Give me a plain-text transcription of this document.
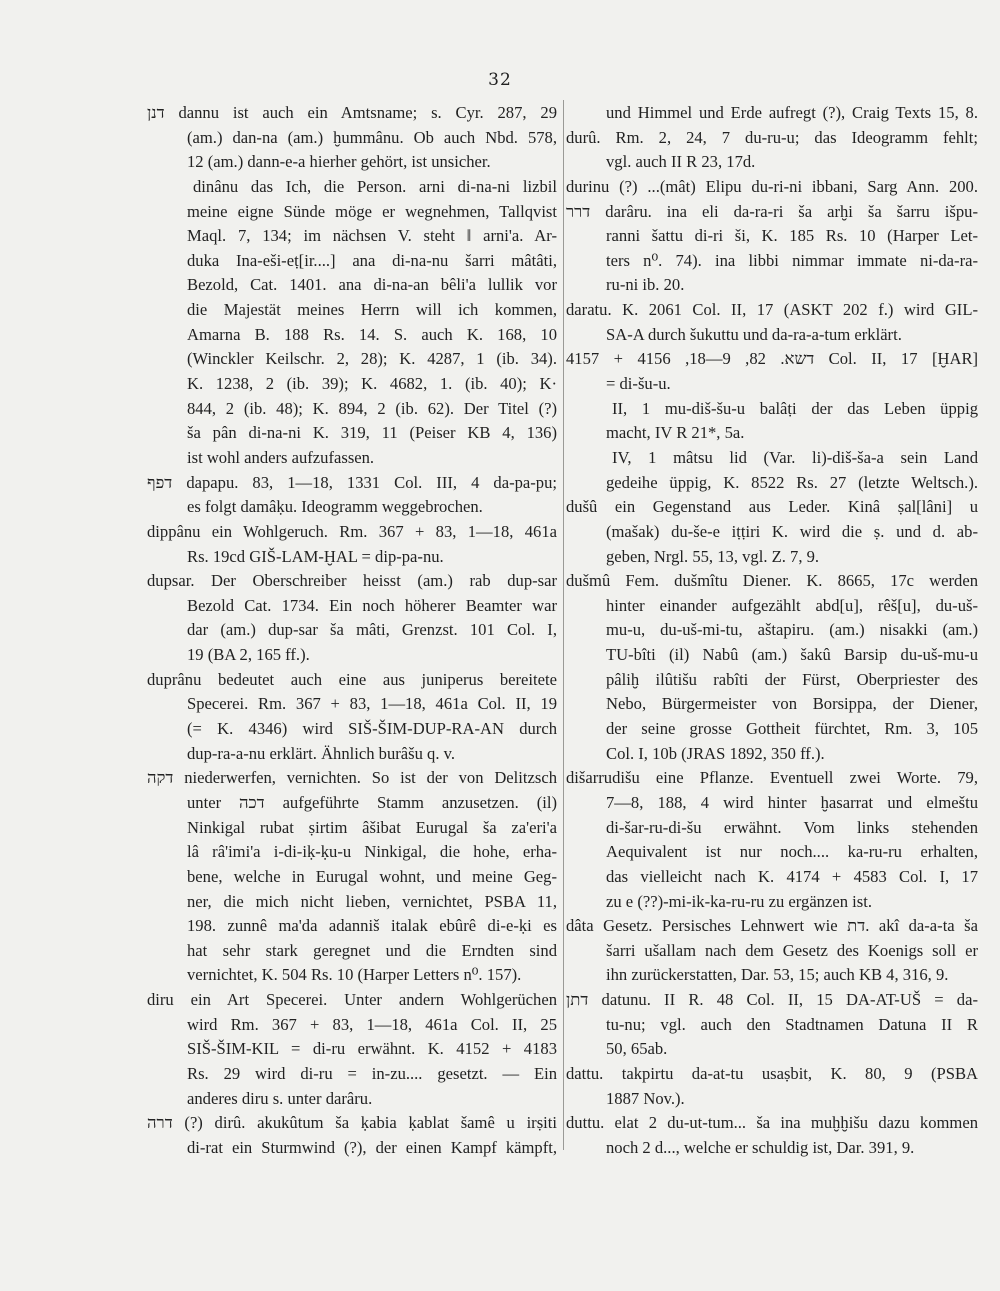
32
דנן dannu ist auch ein Amtsname; s. Cyr. 287, 29
(am.) dan-na (am.) ḫummânu. Ob auch Nbd. 578,
12 (am.) dann-e-a hierher gehört, ist unsicher.
dinânu das Ich, die Person. arni di-na-ni lizbil
meine eigne Sünde möge er wegnehmen, Tallqvist
Maql. 7, 134; im nächsen V. steht ‖ arni'a. Ar-
duka Ina-eši-eṭ[ir....] ana di-na-nu šarri mâtâti,
Bezold, Cat. 1401. ana di-na-an bêli'a lullik vor
die Majestät meines Herrn will ich kommen,
Amarna B. 188 Rs. 14. S. auch K. 168, 10
(Winckler Keilschr. 2, 28); K. 4287, 1 (ib. 34).
K. 1238, 2 (ib. 39); K. 4682, 1. (ib. 40); K·
844, 2 (ib. 48); K. 894, 2 (ib. 62). Der Titel (?)
ša pân di-na-ni K. 319, 11 (Peiser KB 4, 136)
ist wohl anders aufzufassen.
דפף dapapu. 83, 1—18, 1331 Col. III, 4 da-pa-pu;
es folgt damâḳu. Ideogramm weggebrochen.
dippânu ein Wohlgeruch. Rm. 367 + 83, 1—18, 461a
Rs. 19cd GIŠ-LAM-ḪAL = dip-pa-nu.
dupsar. Der Oberschreiber heisst (am.) rab dup-sar
Bezold Cat. 1734. Ein noch höherer Beamter war
dar (am.) dup-sar ša mâti, Grenzst. 101 Col. I,
19 (BA 2, 165 ff.).
duprânu bedeutet auch eine aus juniperus bereitete
Specerei. Rm. 367 + 83, 1—18, 461a Col. II, 19
(= K. 4346) wird SIŠ-ŠIM-DUP-RA-AN durch
dup-ra-a-nu erklärt. Ähnlich burâšu q. v.
דקה niederwerfen, vernichten. So ist der von Delitzsch
unter דכה aufgeführte Stamm anzusetzen. (il)
Ninkigal rubat ṣirtim âšibat Eurugal ša za'eri'a
lâ râ'imi'a i-di-iḳ-ḳu-u Ninkigal, die hohe, erha-
bene, welche in Eurugal wohnt, und meine Geg-
ner, die mich nicht lieben, vernichtet, PSBA 11,
198. zunnê ma'da adanniš italak ebûrê di-e-ḳi es
hat sehr stark geregnet und die Erndten sind
vernichtet, K. 504 Rs. 10 (Harper Letters n⁰. 157).
diru ein Art Specerei. Unter andern Wohlgerüchen
wird Rm. 367 + 83, 1—18, 461a Col. II, 25
SIŠ-ŠIM-KIL = di-ru erwähnt. K. 4152 + 4183
Rs. 29 wird di-ru = in-zu.... gesetzt. — Ein
anderes diru s. unter darâru.
דרה (?) dirû. akukûtum ša ḳabia ḳablat šamê u irṣiti
di-rat ein Sturmwind (?), der einen Kampf kämpft,
und Himmel und Erde aufregt (?), Craig Texts 15, 8.
durû. Rm. 2, 24, 7 du-ru-u; das Ideogramm fehlt;
vgl. auch II R 23, 17d.
durinu (?) ...(mât) Elipu du-ri-ni ibbani, Sarg Ann. 200.
דרר darâru. ina eli da-ra-ri ša arḫi ša šarru išpu-
ranni šattu di-ri ši, K. 185 Rs. 10 (Harper Let-
ters n⁰. 74). ina libbi nimmar immate ni-da-ra-
ru-ni ib. 20.
daratu. K. 2061 Col. II, 17 (ASKT 202 f.) wird GIL-
SA-A durch šukuttu und da-ra-a-tum erklärt.
דשא. 82, 9—18, 4156 + 4157 Col. II, 17 [ḪAR]
= di-šu-u.
II, 1 mu-diš-šu-u balâṭi der das Leben üppig
macht, IV R 21*, 5a.
IV, 1 mâtsu lid (Var. li)-diš-ša-a sein Land
gedeihe üppig, K. 8522 Rs. 27 (letzte Weltsch.).
dušû ein Gegenstand aus Leder. Kinâ ṣal[lâni] u
(mašak) du-še-e iṭṭiri K. wird die ṣ. und d. ab-
geben, Nrgl. 55, 13, vgl. Z. 7, 9.
dušmû Fem. dušmîtu Diener. K. 8665, 17c werden
hinter einander aufgezählt abd[u], rêš[u], du-uš-
mu-u, du-uš-mi-tu, aštapiru. (am.) nisakki (am.)
TU-bîti (il) Nabû (am.) šakû Barsip du-uš-mu-u
pâliḫ ilûtišu rabîti der Fürst, Oberpriester des
Nebo, Bürgermeister von Borsippa, der Diener,
der seine grosse Gottheit fürchtet, Rm. 3, 105
Col. I, 10b (JRAS 1892, 350 ff.).
dišarrudišu eine Pflanze. Eventuell zwei Worte. 79,
7—8, 188, 4 wird hinter ḫasarrat und elmeštu
di-šar-ru-di-šu erwähnt. Vom links stehenden
Aequivalent ist nur noch.... ka-ru-ru erhalten,
das vielleicht nach K. 4174 + 4583 Col. I, 17
zu e (??)-mi-ik-ka-ru-ru zu ergänzen ist.
dâta Gesetz. Persisches Lehnwert wie דת. akî da-a-ta ša
šarri ušallam nach dem Gesetz des Koenigs soll er
ihn zurückerstatten, Dar. 53, 15; auch KB 4, 316, 9.
דתן datunu. II R. 48 Col. II, 15 DA-AT-UŠ = da-
tu-nu; vgl. auch den Stadtnamen Datuna II R
50, 65ab.
dattu. takpirtu da-at-tu usaṣbit, K. 80, 9 (PSBA
1887 Nov.).
duttu. elat 2 du-ut-tum... ša ina muḫḫišu dazu kommen
noch 2 d..., welche er schuldig ist, Dar. 391, 9.
